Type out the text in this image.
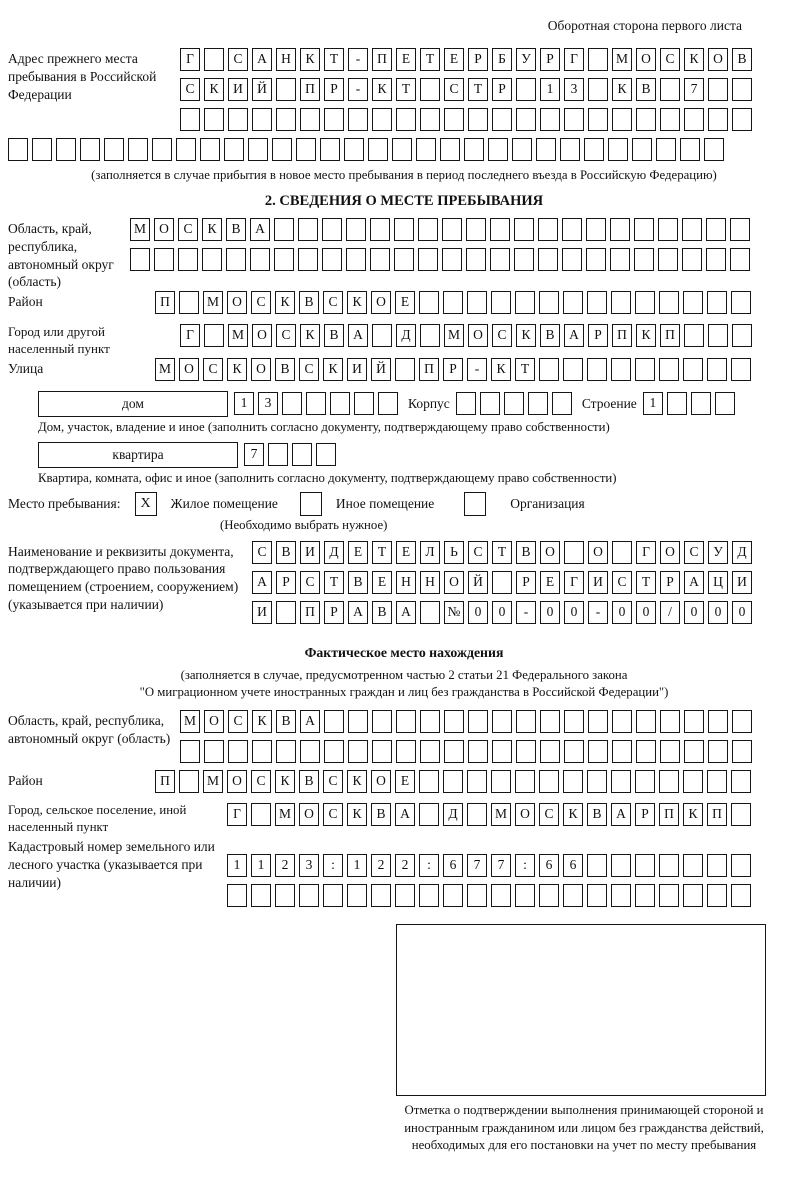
Оборотная сторона первого листа
Адрес прежнего места пребывания в Российской Федерации
Г	С А Н К Т - П Е Т Е Р Б У Р Г	М О С К О В
С К И Й	П Р - К Т	С Т Р	1 3	К В	7
(заполняется в случае прибытия в новое место пребывания в период последнего въезда в Российскую Федерацию)
2. СВЕДЕНИЯ О МЕСТЕ ПРЕБЫВАНИЯ
Область, край, республика, автономный округ (область)
М О С К В А
Район	П	М О С К В С К О Е
Город или другой населенный пункт
Г	М О С К В А	Д	М О С К В А Р П К П
Улица	М О С К О В С К И Й	П Р - К Т
дом	1 3	Корпус	Строение 1
Дом, участок, владение и иное (заполнить согласно документу, подтверждающему право собственности)
квартира	7
Квартира, комната, офис и иное (заполнить согласно документу, подтверждающему право собственности)
Место пребывания:	X	Жилое помещение	Иное помещение	Организация
(Необходимо выбрать нужное)
Наименование и реквизиты документа, подтверждающего право пользования помещением (строением, сооружением) (указывается при наличии)
С В И Д Е Т Е Л Ь С Т В О	О	Г О С У Д
А Р С Т В Е Н Н О Й	Р Е Г И С Т Р А Ц И
И	П Р А В А	№ 0 0 - 0 0 - 0 0 / 0 0 0
Фактическое место нахождения
(заполняется в случае, предусмотренном частью 2 статьи 21 Федерального закона
"О миграционном учете иностранных граждан и лиц без гражданства в Российской Федерации")
Область, край, республика, автономный округ (область)
М О С К В А
Район	П	М О С К В С К О Е
Город, сельское поселение, иной населенный пункт
Г	М О С К В А	Д	М О С К В А Р П К П
Кадастровый номер земельного или лесного участка (указывается при наличии)
1 1 2 3 : 1 2 2 : 6 7 7 : 6 6
Отметка о подтверждении выполнения принимающей стороной и иностранным гражданином или лицом без гражданства действий, необходимых для его постановки на учет по месту пребывания
